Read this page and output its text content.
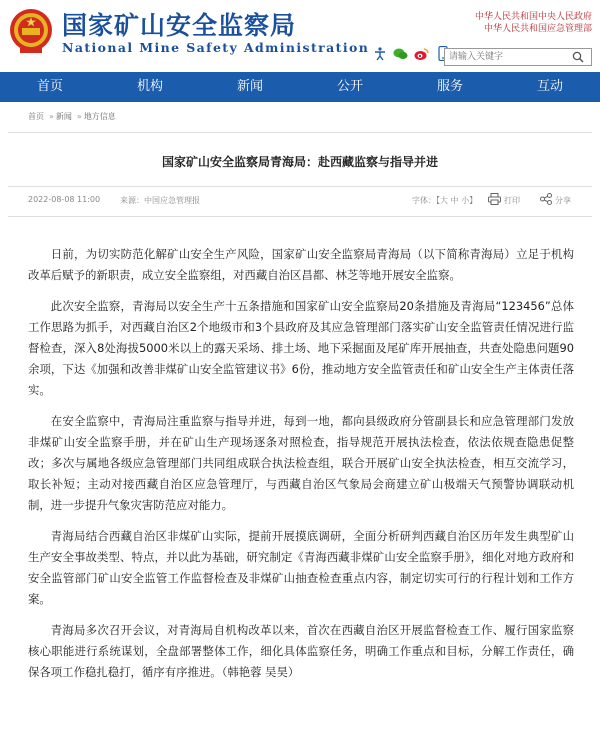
国家矿山安全监察局
National Mine Safety Administration
中华人民共和国中央人民政府
中华人民共和国应急管理部
请输入关键字
首页	机构	新闻	公开	服务	互动
首页 » 新闻 » 地方信息
国家矿山安全监察局青海局：赴西藏监察与指导并进
2022-08-08 11:00 来源：中国应急管理报	字体：【大 中 小】	打印	分享

日前，为切实防范化解矿山安全生产风险，国家矿山安全监察局青海局（以下简称青海局）立足于机构改革后赋予的新职责，成立安全监察组，对西藏自治区昌都、林芝等地开展安全监察。

此次安全监察，青海局以安全生产十五条措施和国家矿山安全监察局20条措施及青海局“123456”总体工作思路为抓手，对西藏自治区2个地级市和3个县政府及其应急管理部门落实矿山安全监管责任情况进行监督检查，深入8处海拔5000米以上的露天采场、排土场、地下采掘面及尾矿库开展抽查，共查处隐患问题90余项，下达《加强和改善非煤矿山安全监管建议书》6份，推动地方安全监管责任和矿山安全生产主体责任落实。

在安全监察中，青海局注重监察与指导并进，每到一地，都向县级政府分管副县长和应急管理部门发放非煤矿山安全监察手册，并在矿山生产现场逐条对照检查，指导规范开展执法检查，依法依规查隐患促整改；多次与属地各级应急管理部门共同组成联合执法检查组，联合开展矿山安全执法检查，相互交流学习，取长补短；主动对接西藏自治区应急管理厅，与西藏自治区气象局会商建立矿山极端天气预警协调联动机制，进一步提升气象灾害防范应对能力。

青海局结合西藏自治区非煤矿山实际，提前开展摸底调研，全面分析研判西藏自治区历年发生典型矿山生产安全事故类型、特点，并以此为基础，研究制定《青海西藏非煤矿山安全监察手册》，细化对地方政府和安全监管部门矿山安全监管工作监督检查及非煤矿山抽查检查重点内容，制定切实可行的行程计划和工作方案。

青海局多次召开会议，对青海局自机构改革以来，首次在西藏自治区开展监督检查工作、履行国家监察核心职能进行系统谋划，全盘部署整体工作，细化具体监察任务，明确工作重点和目标，分解工作责任，确保各项工作稳扎稳打，循序有序推进。（韩艳蓉 吴昊）
